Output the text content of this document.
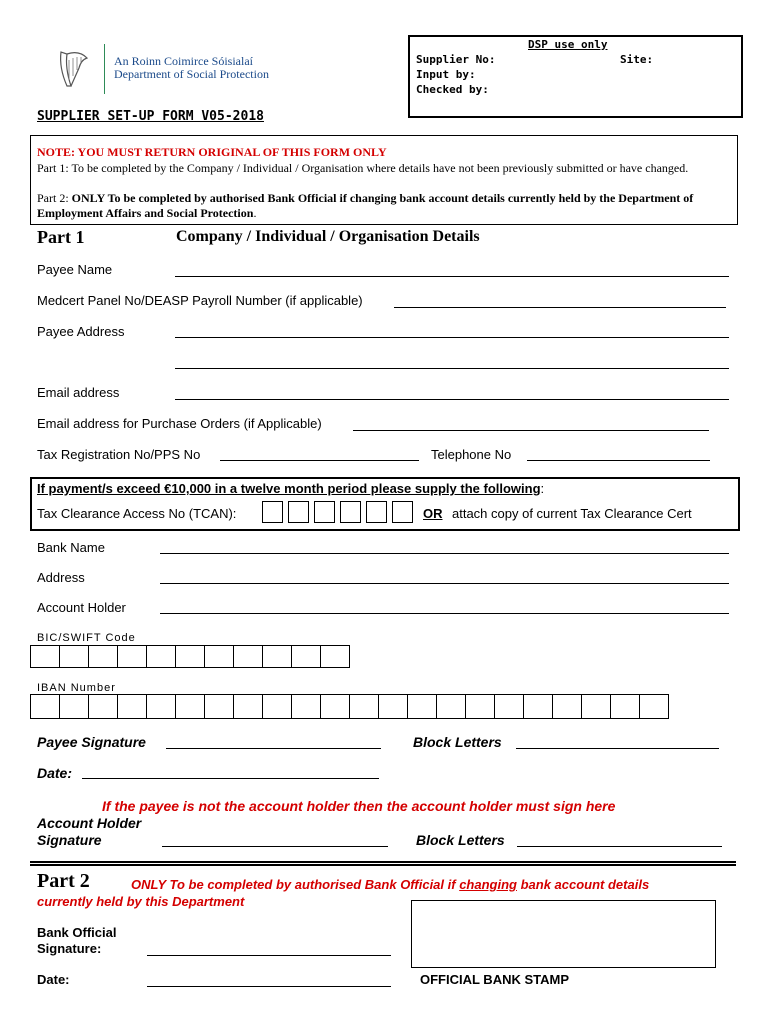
An Roinn Coimirce Sóisialaí
Department of Social Protection
DSP use only
Supplier No:	Site:
Input by:
Checked by:
SUPPLIER SET-UP FORM V05-2018
NOTE: YOU MUST RETURN ORIGINAL OF THIS FORM ONLY
Part 1: To be completed by the Company / Individual / Organisation where details have not been previously submitted or have changed.
Part 2: ONLY To be completed by authorised Bank Official if changing bank account details currently held by the Department of Employment Affairs and Social Protection.
Part 1	Company / Individual / Organisation Details
Payee Name
Medcert Panel No/DEASP Payroll Number (if applicable)
Payee Address
Email address
Email address for Purchase Orders (if Applicable)
Tax Registration No/PPS No	Telephone No
If payment/s exceed €10,000 in a twelve month period please supply the following:
Tax Clearance Access No (TCAN):	OR attach copy of current Tax Clearance Cert
Bank Name
Address
Account Holder
BIC/SWIFT Code
IBAN Number
Payee Signature	Block Letters
Date:
If the payee is not the account holder then the account holder must sign here
Account Holder
Signature	Block Letters
Part 2	ONLY To be completed by authorised Bank Official if changing bank account details
currently held by this Department
Bank Official
Signature:
Date:	OFFICIAL BANK STAMP
